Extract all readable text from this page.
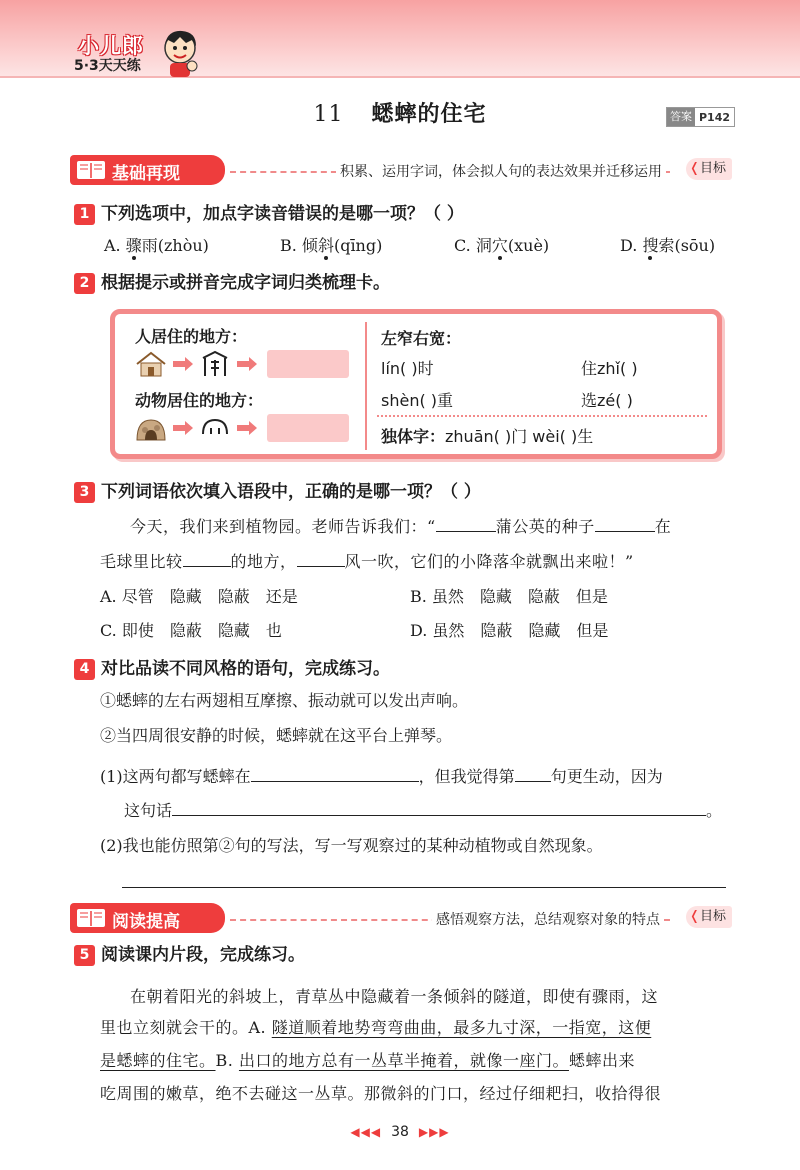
小儿郎
5·3天天练
11 蟋蟀的住宅	答案 P142
基础再现	积累、运用字词，体会拟人句的表达效果并迁移运用	❬ 目标
1 下列选项中，加点字读音错误的是哪一项？（ ）
A. 骤雨(zhòu)	B. 倾斜(qīng)	C. 洞穴(xuè)	D. 搜索(sōu)
2 根据提示或拼音完成字词归类梳理卡。
人居住的地方：
动物居住的地方：
左窄右宽：
lín( )时	住zhǐ( )
shèn( )重	选zé( )
独体字：zhuān( )门 wèi( )生
3 下列词语依次填入语段中，正确的是哪一项？（ ）
今天，我们来到植物园。老师告诉我们：“	蒲公英的种子	在
毛球里比较	的地方，	风一吹，它们的小降落伞就飘出来啦！”
A. 尽管　隐藏　隐蔽　还是	B. 虽然　隐藏　隐蔽　但是
C. 即使　隐蔽　隐藏　也	D. 虽然　隐蔽　隐藏　但是
4 对比品读不同风格的语句，完成练习。
①蟋蟀的左右两翅相互摩擦、振动就可以发出声响。
②当四周很安静的时候，蟋蟀就在这平台上弹琴。
(1)这两句都写蟋蟀在	，但我觉得第 句更生动，因为
这句话	。
(2)我也能仿照第②句的写法，写一写观察过的某种动植物或自然现象。
阅读提高	感悟观察方法，总结观察对象的特点	❬ 目标
5 阅读课内片段，完成练习。
在朝着阳光的斜坡上，青草丛中隐藏着一条倾斜的隧道，即使有骤雨，这
里也立刻就会干的。A. 隧道顺着地势弯弯曲曲，最多九寸深，一指宽，这便
是蟋蟀的住宅。B. 出口的地方总有一丛草半掩着，就像一座门。蟋蟀出来
吃周围的嫩草，绝不去碰这一丛草。那微斜的门口，经过仔细耙扫，收拾得很
◀◀◀ 38 ▶▶▶
